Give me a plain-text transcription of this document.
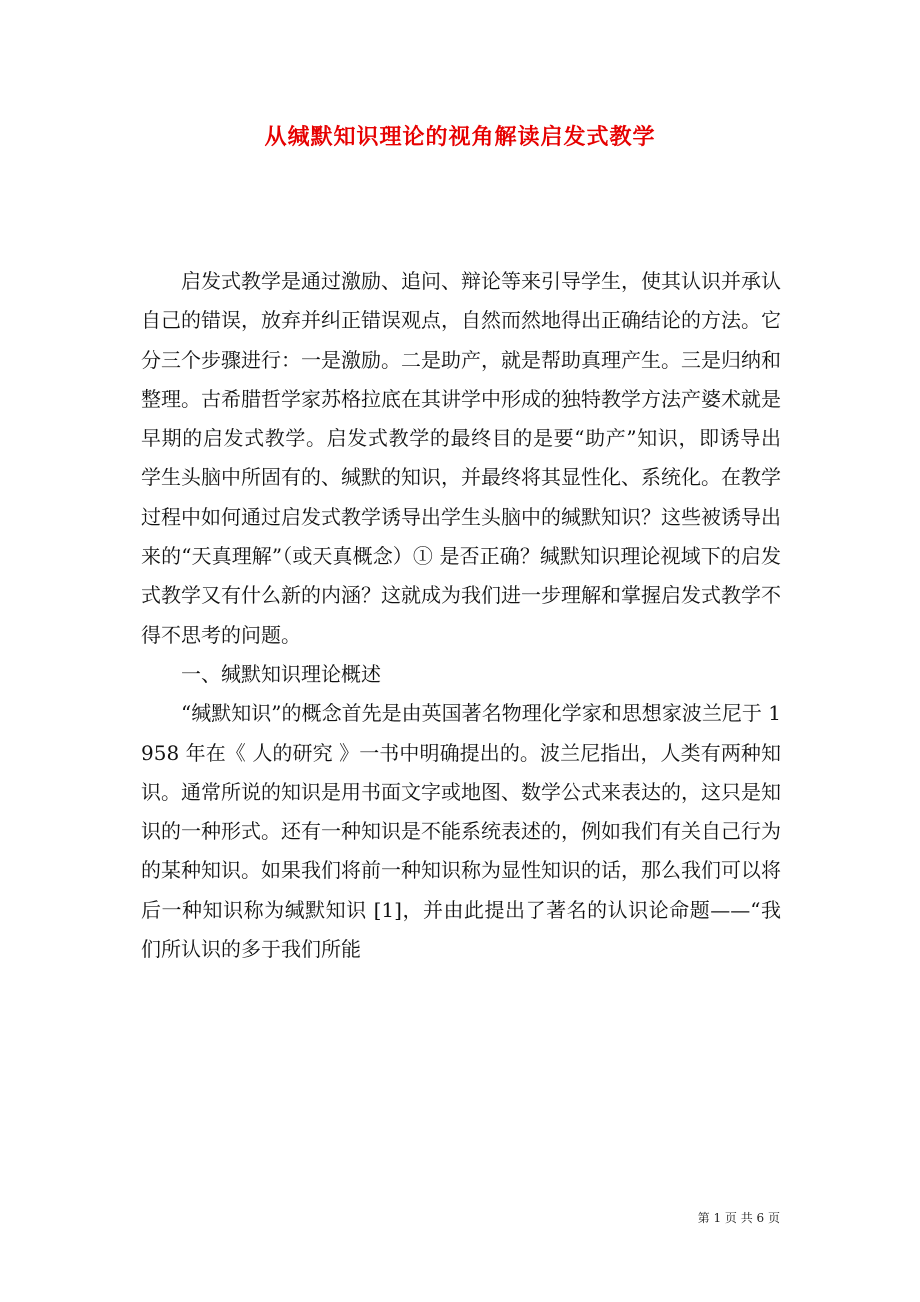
从缄默知识理论的视角解读启发式教学

启发式教学是通过激励、追问、辩论等来引导学生，使其认识并承认自己的错误，放弃并纠正错误观点，自然而然地得出正确结论的方法。它分三个步骤进行：一是激励。二是助产，就是帮助真理产生。三是归纳和整理。古希腊哲学家苏格拉底在其讲学中形成的独特教学方法产婆术就是早期的启发式教学。启发式教学的最终目的是要“助产”知识，即诱导出学生头脑中所固有的、缄默的知识，并最终将其显性化、系统化。在教学过程中如何通过启发式教学诱导出学生头脑中的缄默知识？这些被诱导出来的“天真理解”（或天真概念）① 是否正确？缄默知识理论视域下的启发式教学又有什么新的内涵？这就成为我们进一步理解和掌握启发式教学不得不思考的问题。

一、缄默知识理论概述

“缄默知识”的概念首先是由英国著名物理化学家和思想家波兰尼于 1958 年在《 人的研究 》一书中明确提出的。波兰尼指出，人类有两种知识。通常所说的知识是用书面文字或地图、数学公式来表达的，这只是知识的一种形式。还有一种知识是不能系统表述的，例如我们有关自己行为的某种知识。如果我们将前一种知识称为显性知识的话，那么我们可以将后一种知识称为缄默知识 [1]，并由此提出了著名的认识论命题——“我们所认识的多于我们所能

第 1 页 共 6 页
